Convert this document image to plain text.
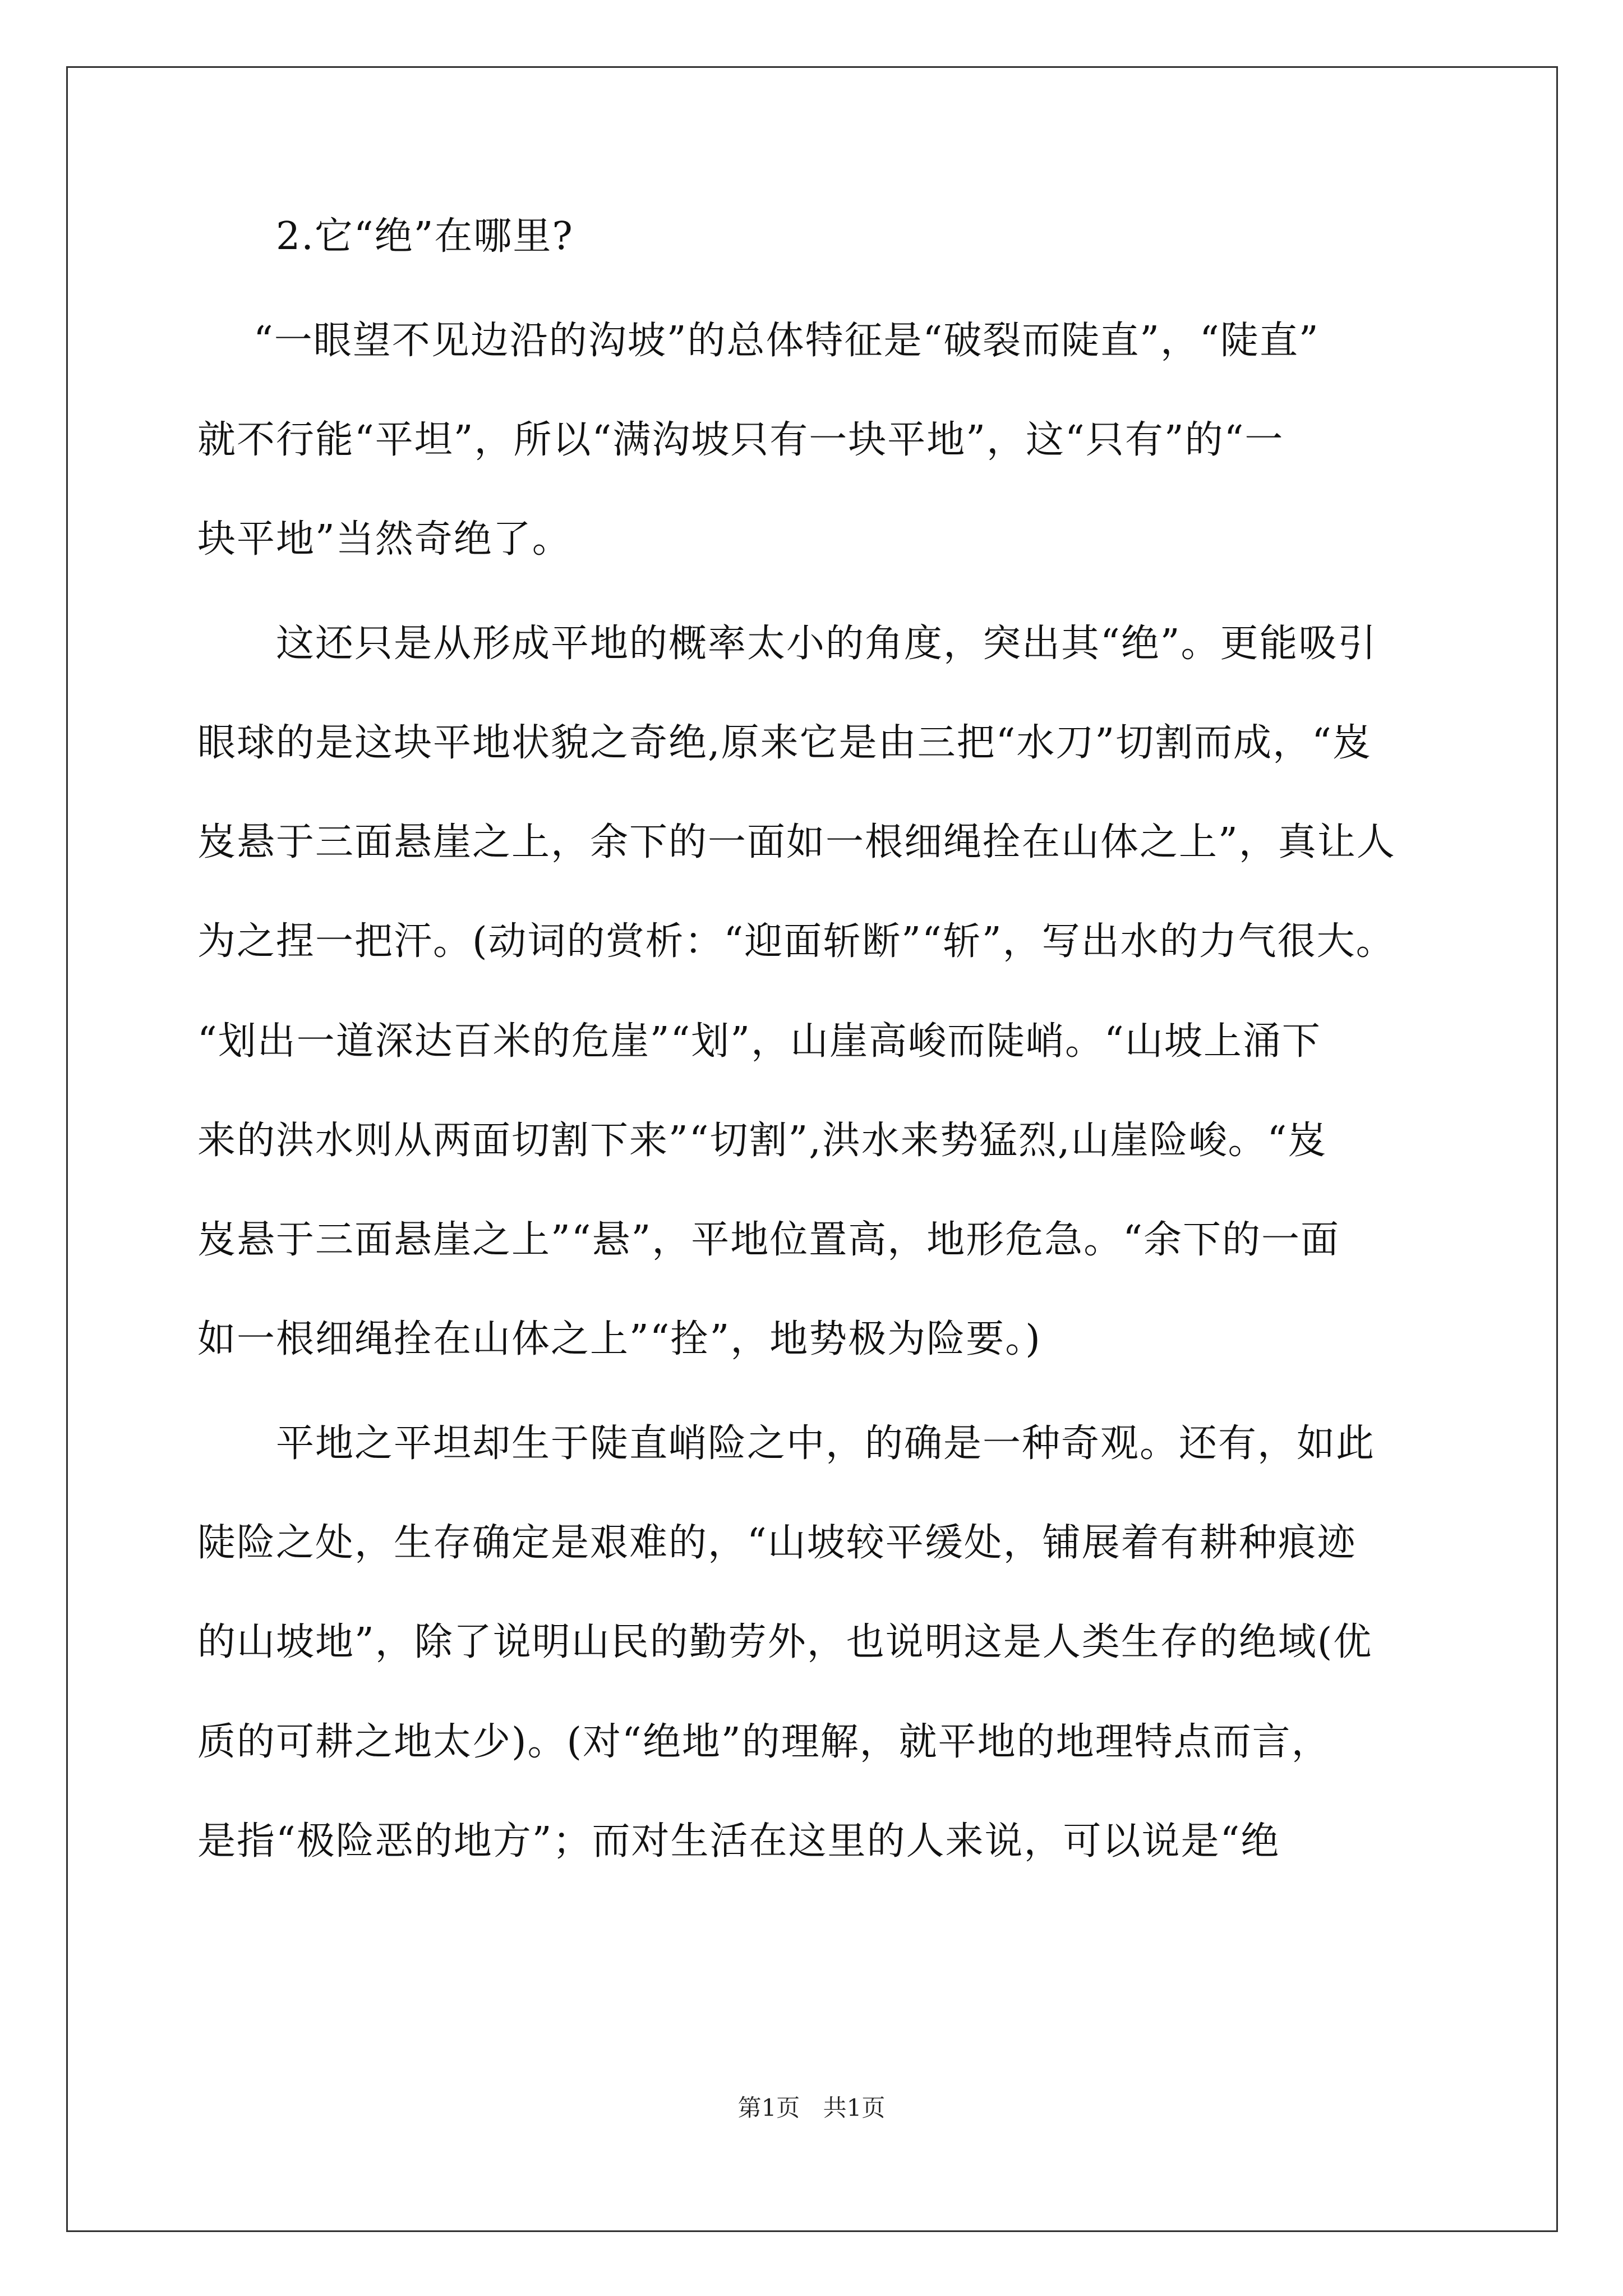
2.它“绝”在哪里?
“一眼望不见边沿的沟坡”的总体特征是“破裂而陡直”，“陡直”
就不行能“平坦”，所以“满沟坡只有一块平地”，这“只有”的“一
块平地”当然奇绝了。
这还只是从形成平地的概率太小的角度，突出其“绝”。更能吸引
眼球的是这块平地状貌之奇绝,原来它是由三把“水刀”切割而成，“岌
岌悬于三面悬崖之上，余下的一面如一根细绳拴在山体之上”，真让人
为之捏一把汗。(动词的赏析：“迎面斩断”“斩”，写出水的力气很大。
“划出一道深达百米的危崖”“划”，山崖高峻而陡峭。“山坡上涌下
来的洪水则从两面切割下来”“切割”,洪水来势猛烈,山崖险峻。“岌
岌悬于三面悬崖之上”“悬”，平地位置高，地形危急。“余下的一面
如一根细绳拴在山体之上”“拴”，地势极为险要。)
平地之平坦却生于陡直峭险之中，的确是一种奇观。还有，如此
陡险之处，生存确定是艰难的，“山坡较平缓处，铺展着有耕种痕迹
的山坡地”，除了说明山民的勤劳外，也说明这是人类生存的绝域(优
质的可耕之地太少)。(对“绝地”的理解，就平地的地理特点而言，
是指“极险恶的地方”；而对生活在这里的人来说，可以说是“绝
第1页 共1页
